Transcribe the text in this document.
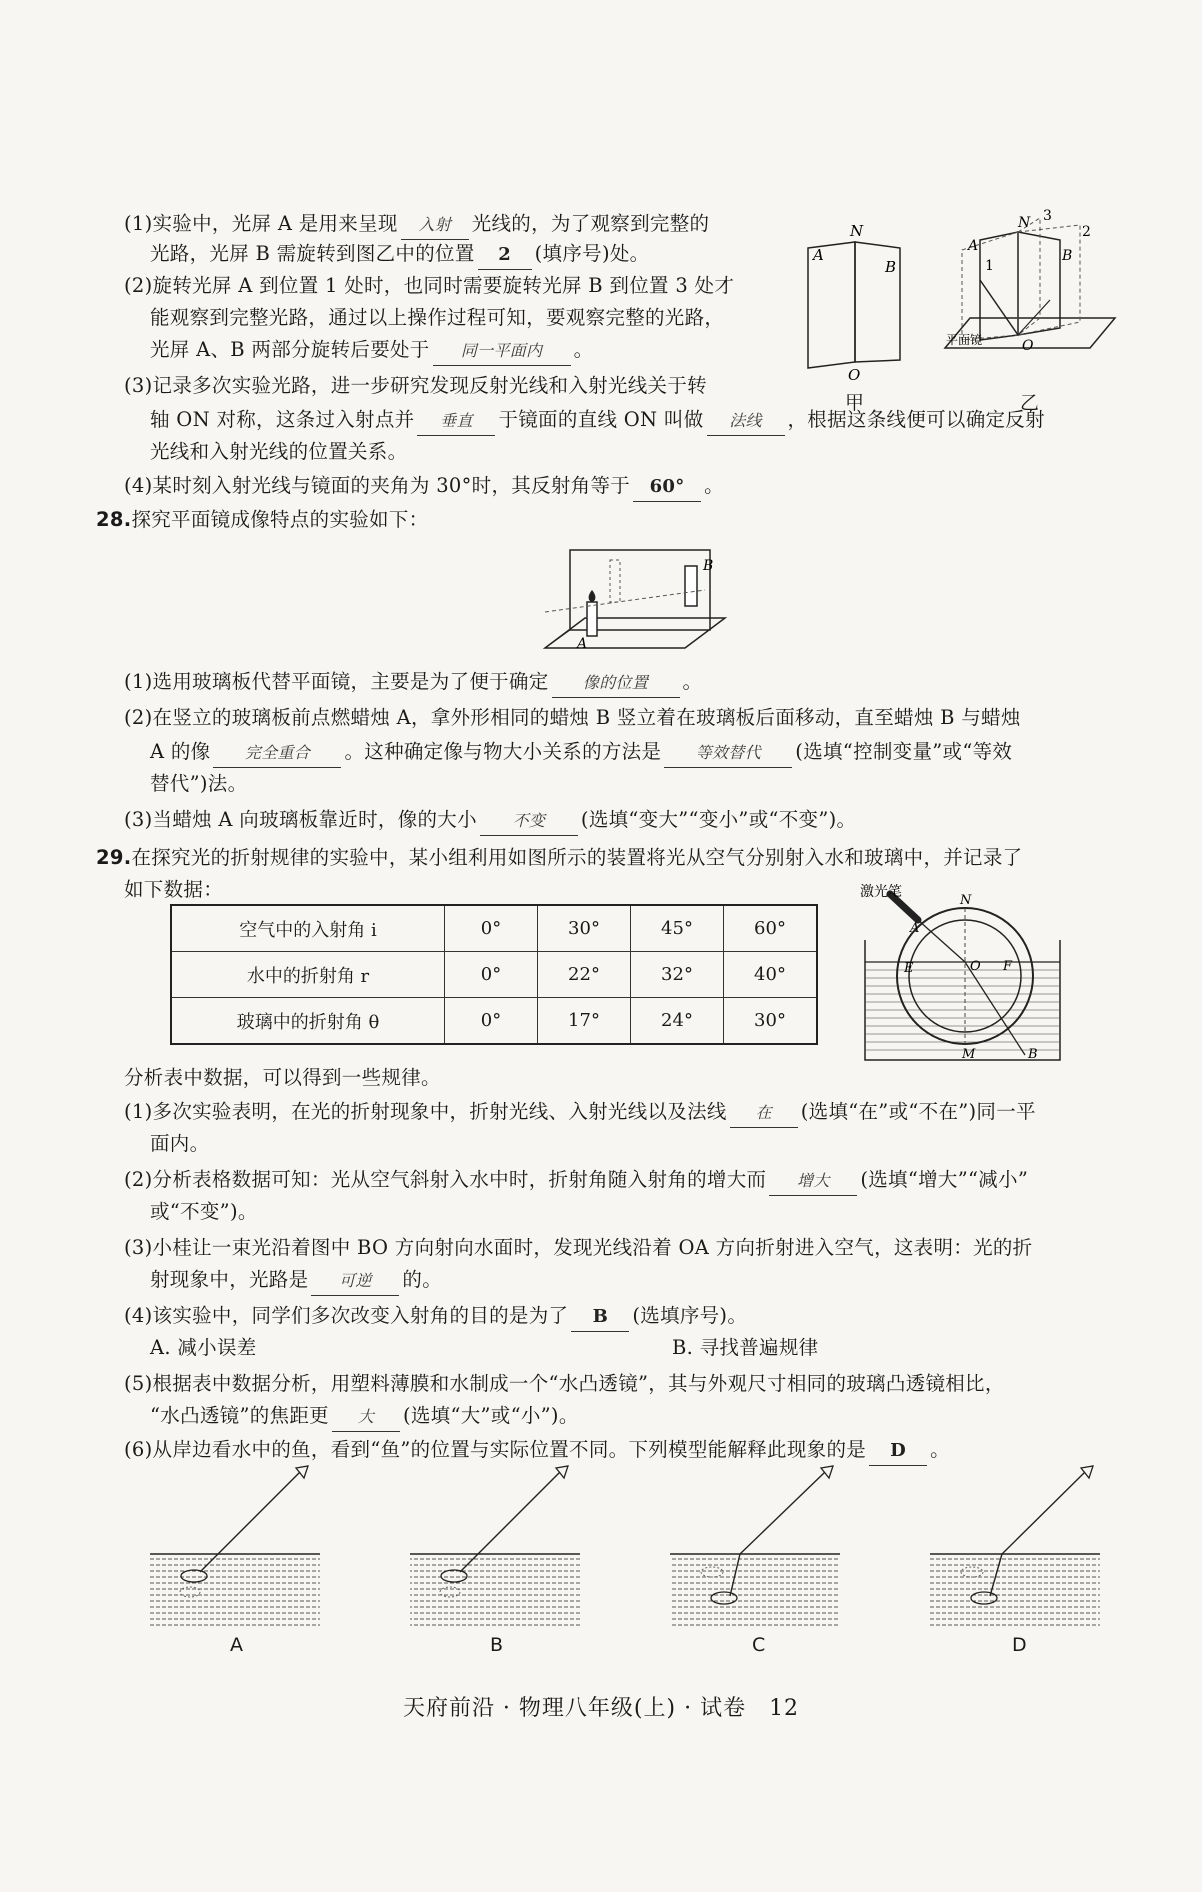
(1)实验中，光屏 A 是用来呈现 入射 光线的，为了观察到完整的
光路，光屏 B 需旋转到图乙中的位置 2 (填序号)处。
(2)旋转光屏 A 到位置 1 处时，也同时需要旋转光屏 B 到位置 3 处才
能观察到完整光路，通过以上操作过程可知，要观察完整的光路，
光屏 A、B 两部分旋转后要处于 同一平面内 。
(3)记录多次实验光路，进一步研究发现反射光线和入射光线关于转
轴 ON 对称，这条过入射点并 垂直 于镜面的直线 ON 叫做 法线 ，根据这条线便可以确定反射
光线和入射光线的位置关系。
(4)某时刻入射光线与镜面的夹角为 30°时，其反射角等于 60° 。
A
B
N
O
甲
A
B
N
O
1
2
3
平面镜
乙
28.探究平面镜成像特点的实验如下：
A
B
(1)选用玻璃板代替平面镜，主要是为了便于确定 像的位置 。
(2)在竖立的玻璃板前点燃蜡烛 A，拿外形相同的蜡烛 B 竖立着在玻璃板后面移动，直至蜡烛 B 与蜡烛
A 的像 完全重合 。这种确定像与物大小关系的方法是 等效替代 (选填“控制变量”或“等效
替代”)法。
(3)当蜡烛 A 向玻璃板靠近时，像的大小 不变 (选填“变大”“变小”或“不变”)。
29.在探究光的折射规律的实验中，某小组利用如图所示的装置将光从空气分别射入水和玻璃中，并记录了
如下数据：
空气中的入射角 i	0°	30°	45°	60°
水中的折射角 r	0°	22°	32°	40°
玻璃中的折射角 θ	0°	17°	24°	30°
激光笔
A
N
E	O F
M	B
分析表中数据，可以得到一些规律。
(1)多次实验表明，在光的折射现象中，折射光线、入射光线以及法线 在 (选填“在”或“不在”)同一平
面内。
(2)分析表格数据可知：光从空气斜射入水中时，折射角随入射角的增大而 增大 (选填“增大”“减小”
或“不变”)。
(3)小桂让一束光沿着图中 BO 方向射向水面时，发现光线沿着 OA 方向折射进入空气，这表明：光的折
射现象中，光路是 可逆 的。
(4)该实验中，同学们多次改变入射角的目的是为了 B (选填序号)。
A. 减小误差	B. 寻找普遍规律
(5)根据表中数据分析，用塑料薄膜和水制成一个“水凸透镜”，其与外观尺寸相同的玻璃凸透镜相比，
“水凸透镜”的焦距更 大 (选填“大”或“小”)。
(6)从岸边看水中的鱼，看到“鱼”的位置与实际位置不同。下列模型能解释此现象的是 D 。
A	B	C	D
天府前沿 · 物理八年级(上) · 试卷　12
